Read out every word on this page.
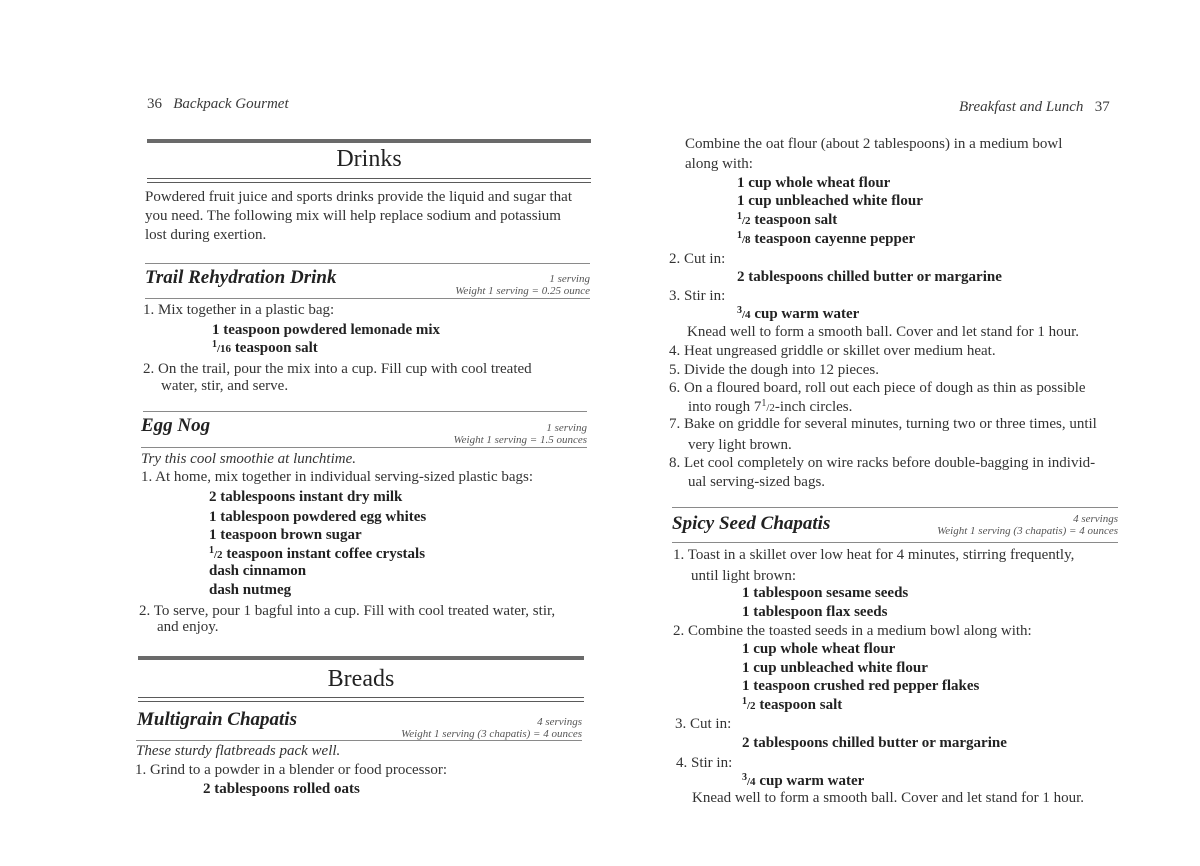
36 Backpack Gourmet
Drinks
Powdered fruit juice and sports drinks provide the liquid and sugar that
you need. The following mix will help replace sodium and potassium
lost during exertion.
Trail Rehydration Drink	1 serving
Weight 1 serving = 0.25 ounce
1. Mix together in a plastic bag:
1 teaspoon powdered lemonade mix
$^1$/16 teaspoon salt
2. On the trail, pour the mix into a cup. Fill cup with cool treated
water, stir, and serve.
Egg Nog	1 serving
Weight 1 serving = 1.5 ounces
Try this cool smoothie at lunchtime.
1. At home, mix together in individual serving-sized plastic bags:
2 tablespoons instant dry milk
1 tablespoon powdered egg whites
1 teaspoon brown sugar
$^1$/2 teaspoon instant coffee crystals
dash cinnamon
dash nutmeg
2. To serve, pour 1 bagful into a cup. Fill with cool treated water, stir,
and enjoy.
Breads
Multigrain Chapatis	4 servings
Weight 1 serving (3 chapatis) = 4 ounces
These sturdy flatbreads pack well.
1. Grind to a powder in a blender or food processor:
2 tablespoons rolled oats
Breakfast and Lunch 37
Combine the oat flour (about 2 tablespoons) in a medium bowl
along with:
1 cup whole wheat flour
1 cup unbleached white flour
$^1$/2 teaspoon salt
$^1$/8 teaspoon cayenne pepper
2. Cut in:
2 tablespoons chilled butter or margarine
3. Stir in:
$^3$/4 cup warm water
Knead well to form a smooth ball. Cover and let stand for 1 hour.
4. Heat ungreased griddle or skillet over medium heat.
5. Divide the dough into 12 pieces.
6. On a floured board, roll out each piece of dough as thin as possible
into rough $7^1/2$-inch circles.
7. Bake on griddle for several minutes, turning two or three times, until
very light brown.
8. Let cool completely on wire racks before double-bagging in individ-
ual serving-sized bags.
Spicy Seed Chapatis	4 servings
Weight 1 serving (3 chapatis) = 4 ounces
1. Toast in a skillet over low heat for 4 minutes, stirring frequently,
until light brown:
1 tablespoon sesame seeds
1 tablespoon flax seeds
2. Combine the toasted seeds in a medium bowl along with:
1 cup whole wheat flour
1 cup unbleached white flour
1 teaspoon crushed red pepper flakes
$^1$/2 teaspoon salt
3. Cut in:
2 tablespoons chilled butter or margarine
4. Stir in:
$^3$/4 cup warm water
Knead well to form a smooth ball. Cover and let stand for 1 hour.
